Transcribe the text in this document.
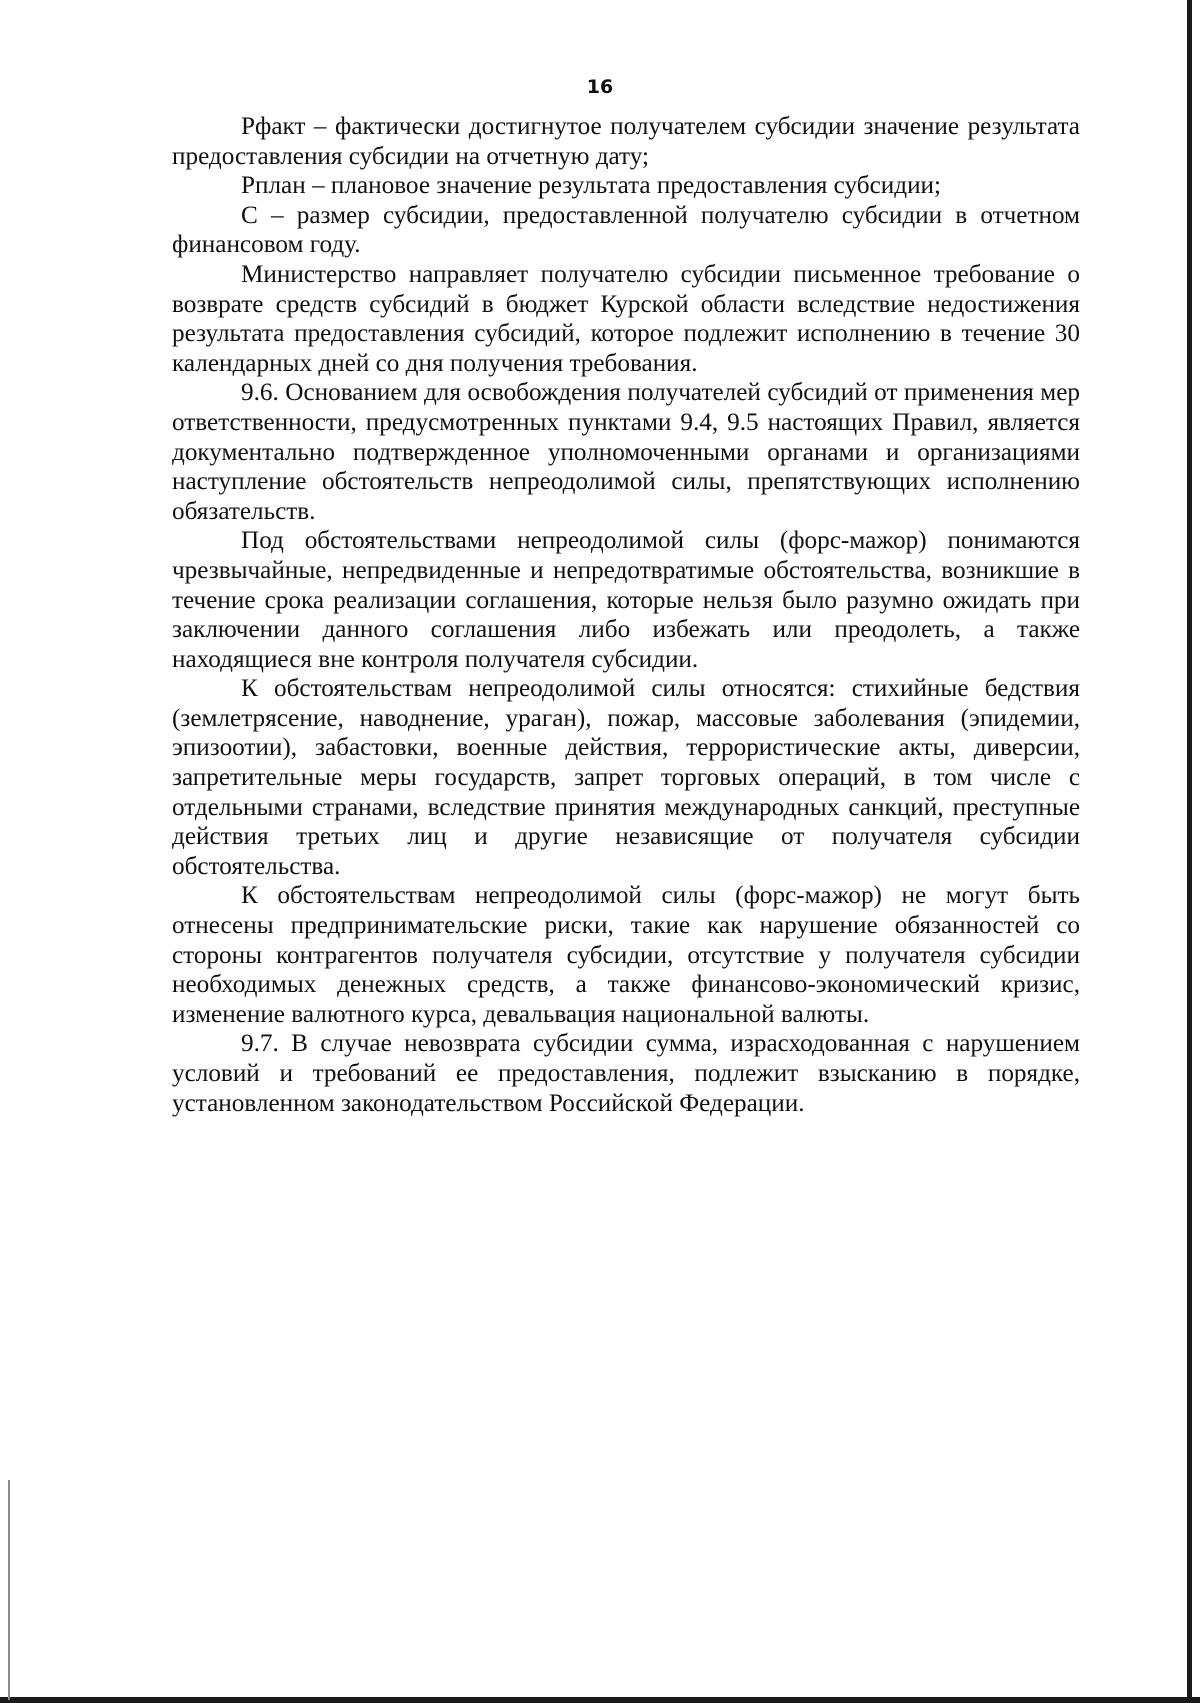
16

Рфакт – фактически достигнутое получателем субсидии значение результата предоставления субсидии на отчетную дату;

Рплан – плановое значение результата предоставления субсидии;

С – размер субсидии, предоставленной получателю субсидии в отчетном финансовом году.

Министерство направляет получателю субсидии письменное требование о возврате средств субсидий в бюджет Курской области вследствие недостижения результата предоставления субсидий, которое подлежит исполнению в течение 30 календарных дней со дня получения требования.

9.6. Основанием для освобождения получателей субсидий от применения мер ответственности, предусмотренных пунктами 9.4, 9.5 настоящих Правил, является документально подтвержденное уполномоченными органами и организациями наступление обстоятельств непреодолимой силы, препятствующих исполнению обязательств.

Под обстоятельствами непреодолимой силы (форс-мажор) понимаются чрезвычайные, непредвиденные и непредотвратимые обстоятельства, возникшие в течение срока реализации соглашения, которые нельзя было разумно ожидать при заключении данного соглашения либо избежать или преодолеть, а также находящиеся вне контроля получателя субсидии.

К обстоятельствам непреодолимой силы относятся: стихийные бедствия (землетрясение, наводнение, ураган), пожар, массовые заболевания (эпидемии, эпизоотии), забастовки, военные действия, террористические акты, диверсии, запретительные меры государств, запрет торговых операций, в том числе с отдельными странами, вследствие принятия международных санкций, преступные действия третьих лиц и другие независящие от получателя субсидии обстоятельства.

К обстоятельствам непреодолимой силы (форс-мажор) не могут быть отнесены предпринимательские риски, такие как нарушение обязанностей со стороны контрагентов получателя субсидии, отсутствие у получателя субсидии необходимых денежных средств, а также финансово-экономический кризис, изменение валютного курса, девальвация национальной валюты.

9.7. В случае невозврата субсидии сумма, израсходованная с нарушением условий и требований ее предоставления, подлежит взысканию в порядке, установленном законодательством Российской Федерации.
